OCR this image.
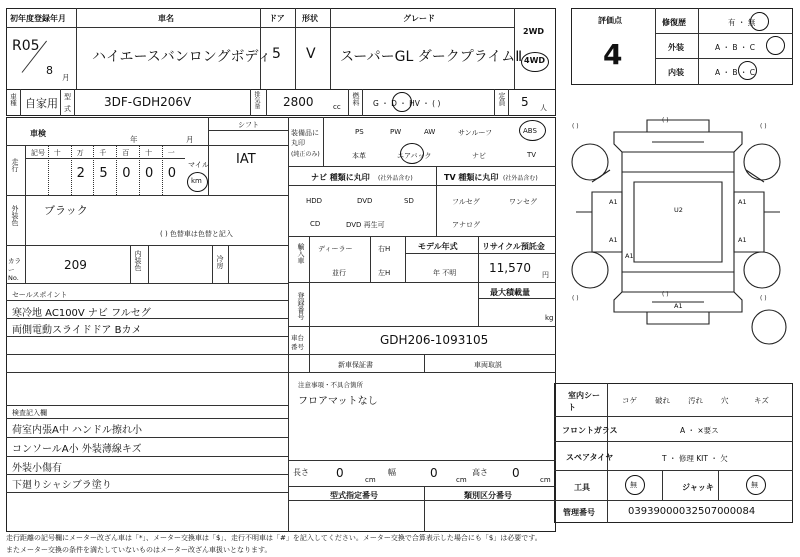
初年度登録年月
R05
8
月
車名
ハイエースバンロングボディ
ドア
5
形状
V
グレード
スーパーGL ダークプライムⅡ
2WD
4WD
評価点
4
修復歴	有 ・ 無
外装	A ・ B ・ C
内装	A ・ B ・ C
車種 自家用 型
式	3DF-GDH206V	排気量 2800	cc
燃料 G ・ D ・ HV ・ ( )	定員 5 人
車検
年	月
シフト
IAT
記号 十 万 千 百 十 一
2 5 0 0 0
走行	マイル
km
外装色 ブラック
( ) 色替車は色替と記入
カラーNo.
209	内装色	冷房
セールスポイント
寒冷地 AC100V ナビ フルセグ
両側電動スライドドア Bカメ
検査記入欄
荷室内張A中 ハンドル擦れ小
コンソールA小 外装薄線キズ
外装小傷有
下廻りシャシブラ塗り
装備品に
丸印
(純正のみ)
PS	PW	AW	サンルーフ	ABS
本革	エアバック	ナビ	TV
ナビ 種類に丸印 (社外品含む)	TV 種類に丸印 (社外品含む)
HDD	DVD	SD
CD	DVD 再生可
フルセグ	ワンセグ
アナログ
輸入車 ディーラー
並行
右H
左H
モデル年式
年 不明
リサイクル預託金
11,570 円
登録番号	最大積載量
kg
車台番号	GDH206-1093105
新車保証書	車両取説
注意事項・不具合箇所
フロアマットなし
長さ 0	cm
幅	0	cm
高さ 0	cm
型式指定番号	類別区分番号
室内シート
コゲ 破れ 汚れ 穴	キズ
フロントガラス	A ・ ×要ス
スペアタイヤ	T ・ 修理 KIT ・ 欠
工具	無	ジャッキ	無
管理番号	03939000032507000084
( )	( )
( )	( )
( )
( )
A1
U2
A1
A1	A1
A1
A1
走行距離の記号欄にメーター改ざん車は「*」、メーター交換車は「$」、走行不明車は「#」を記入してください。メーター交換で合算表示した場合にも「$」は必要です。
またメーター交換の条件を満たしていないものはメーター改ざん車扱いとなります。
